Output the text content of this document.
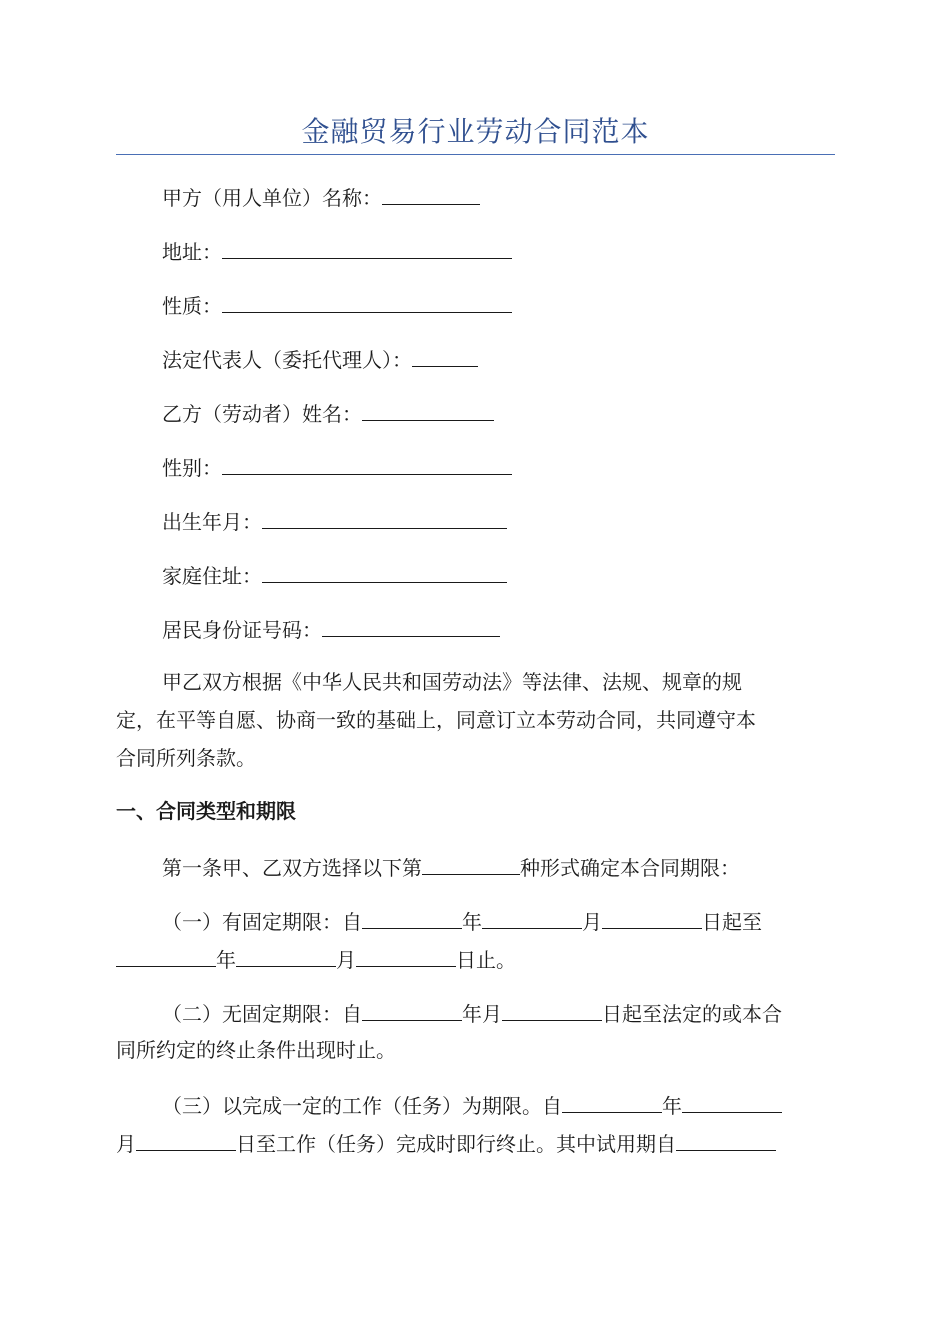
金融贸易行业劳动合同范本
甲方（用人单位）名称：
地址：
性质：
法定代表人（委托代理人）：
乙方（劳动者）姓名：
性别：
出生年月：
家庭住址：
居民身份证号码：
甲乙双方根据《中华人民共和国劳动法》等法律、法规、规章的规
定，在平等自愿、协商一致的基础上，同意订立本劳动合同，共同遵守本
合同所列条款。
一、合同类型和期限
第一条甲、乙双方选择以下第	种形式确定本合同期限：
（一）有固定期限：自	年	月	日起至
年	月	日止。
（二）无固定期限：自	年月	日起至法定的或本合
同所约定的终止条件出现时止。
（三）以完成一定的工作（任务）为期限。自	年
月	日至工作（任务）完成时即行终止。其中试用期自
